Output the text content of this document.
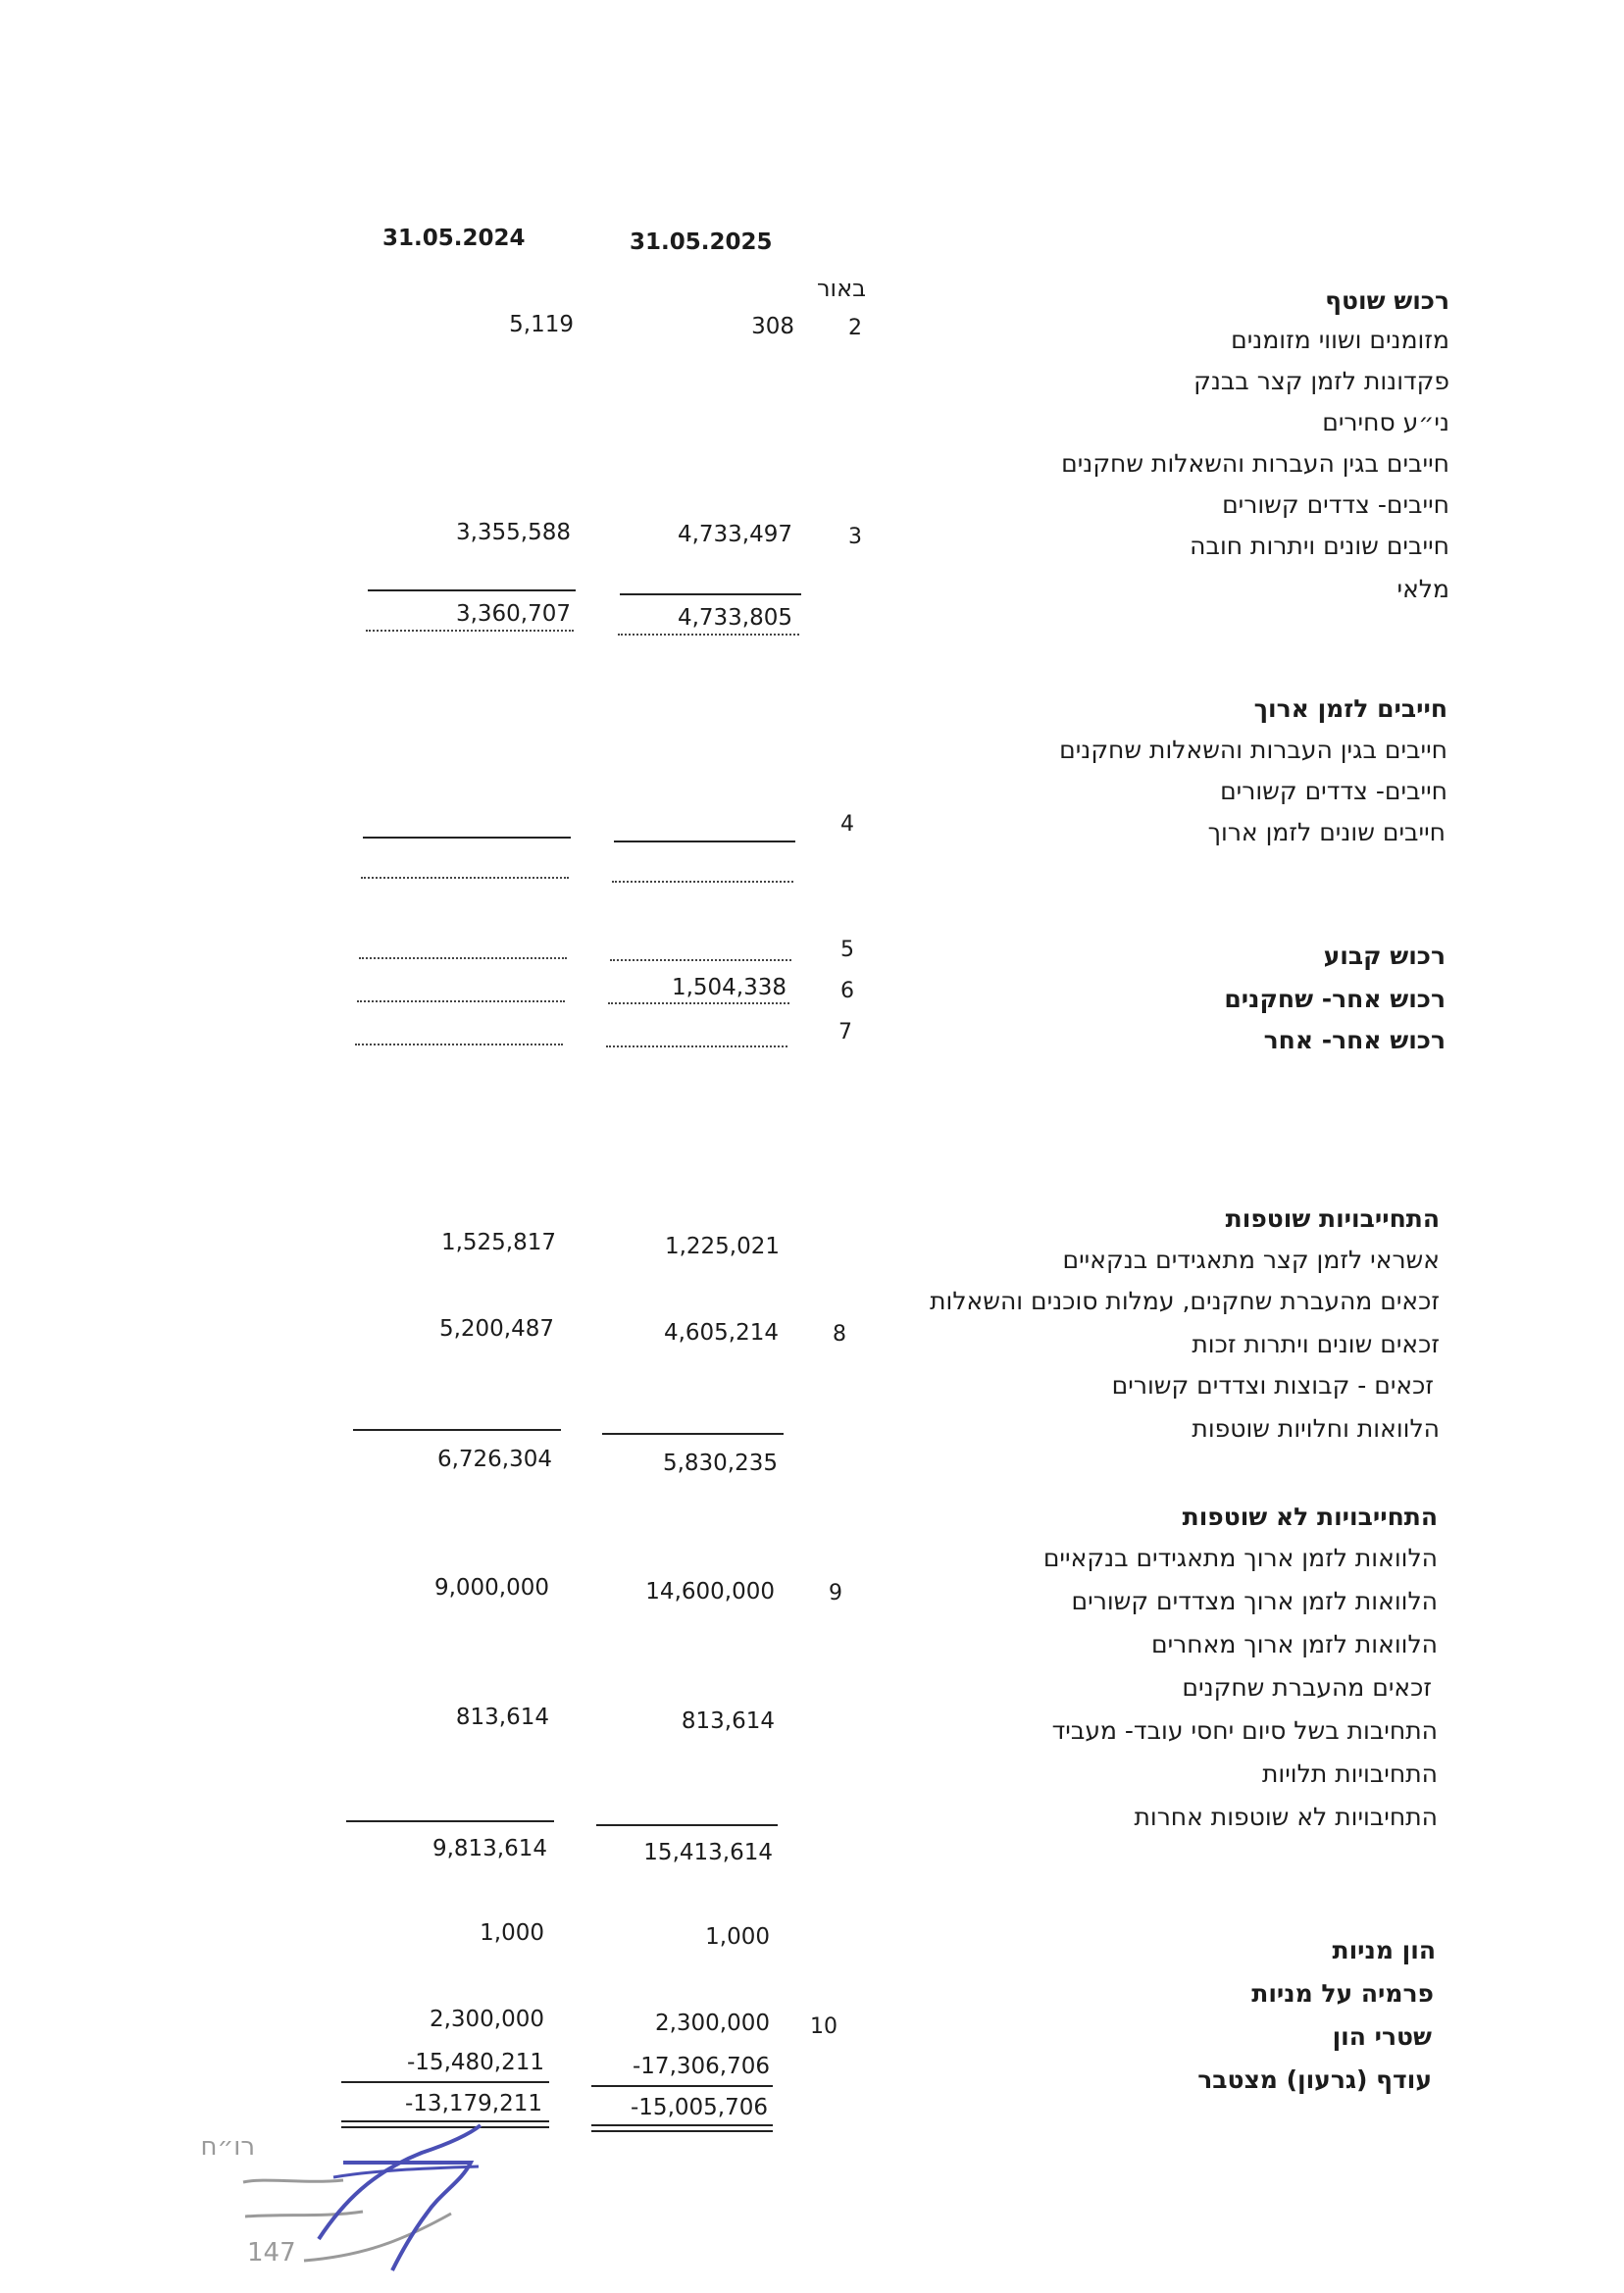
31.05.2025
31.05.2024
באור	רכוש שוטף
מזומנים ושווי מזומנים
2
308
5,119
פקדונות לזמן קצר בבנק
ני״ע סחירים
חייבים בגין העברות והשאלות שחקנים
חייבים- צדדים קשורים
חייבים שונים ויתרות חובה
3
4,733,497
3,355,588
מלאי
4,733,805
3,360,707
חייבים לזמן ארוך
חייבים בגין העברות והשאלות שחקנים
חייבים- צדדים קשורים
חייבים שונים לזמן ארוך
4
רכוש קבוע
5
רכוש אחר- שחקנים
6
1,504,338
רכוש אחר- אחר
7
התחייבויות שוטפות
אשראי לזמן קצר מתאגידים בנקאיים
1,225,021
1,525,817
זכאים מהעברת שחקנים, עמלות סוכנים והשאלות
זכאים שונים ויתרות זכות
8
4,605,214
5,200,487
זכאים - קבוצות וצדדים קשורים
הלוואות וחלויות שוטפות
5,830,235
6,726,304
התחייבויות לא שוטפות
הלוואות לזמן ארוך מתאגידים בנקאיים
הלוואות לזמן ארוך מצדדים קשורים
9
14,600,000
9,000,000
הלוואות לזמן ארוך מאחרים
זכאים מהעברת שחקנים
התחיבות בשל סיום יחסי עובד- מעביד
813,614
813,614
התחיבויות תלויות
התחיבויות לא שוטפות אחרות
15,413,614
9,813,614
הון מניות
1,000
1,000
פרמיה על מניות
שטרי הון
10
2,300,000
2,300,000
עודף (גרעון) מצטבר
-17,306,706
-15,480,211
-15,005,706
-13,179,211
רו״ח
147
